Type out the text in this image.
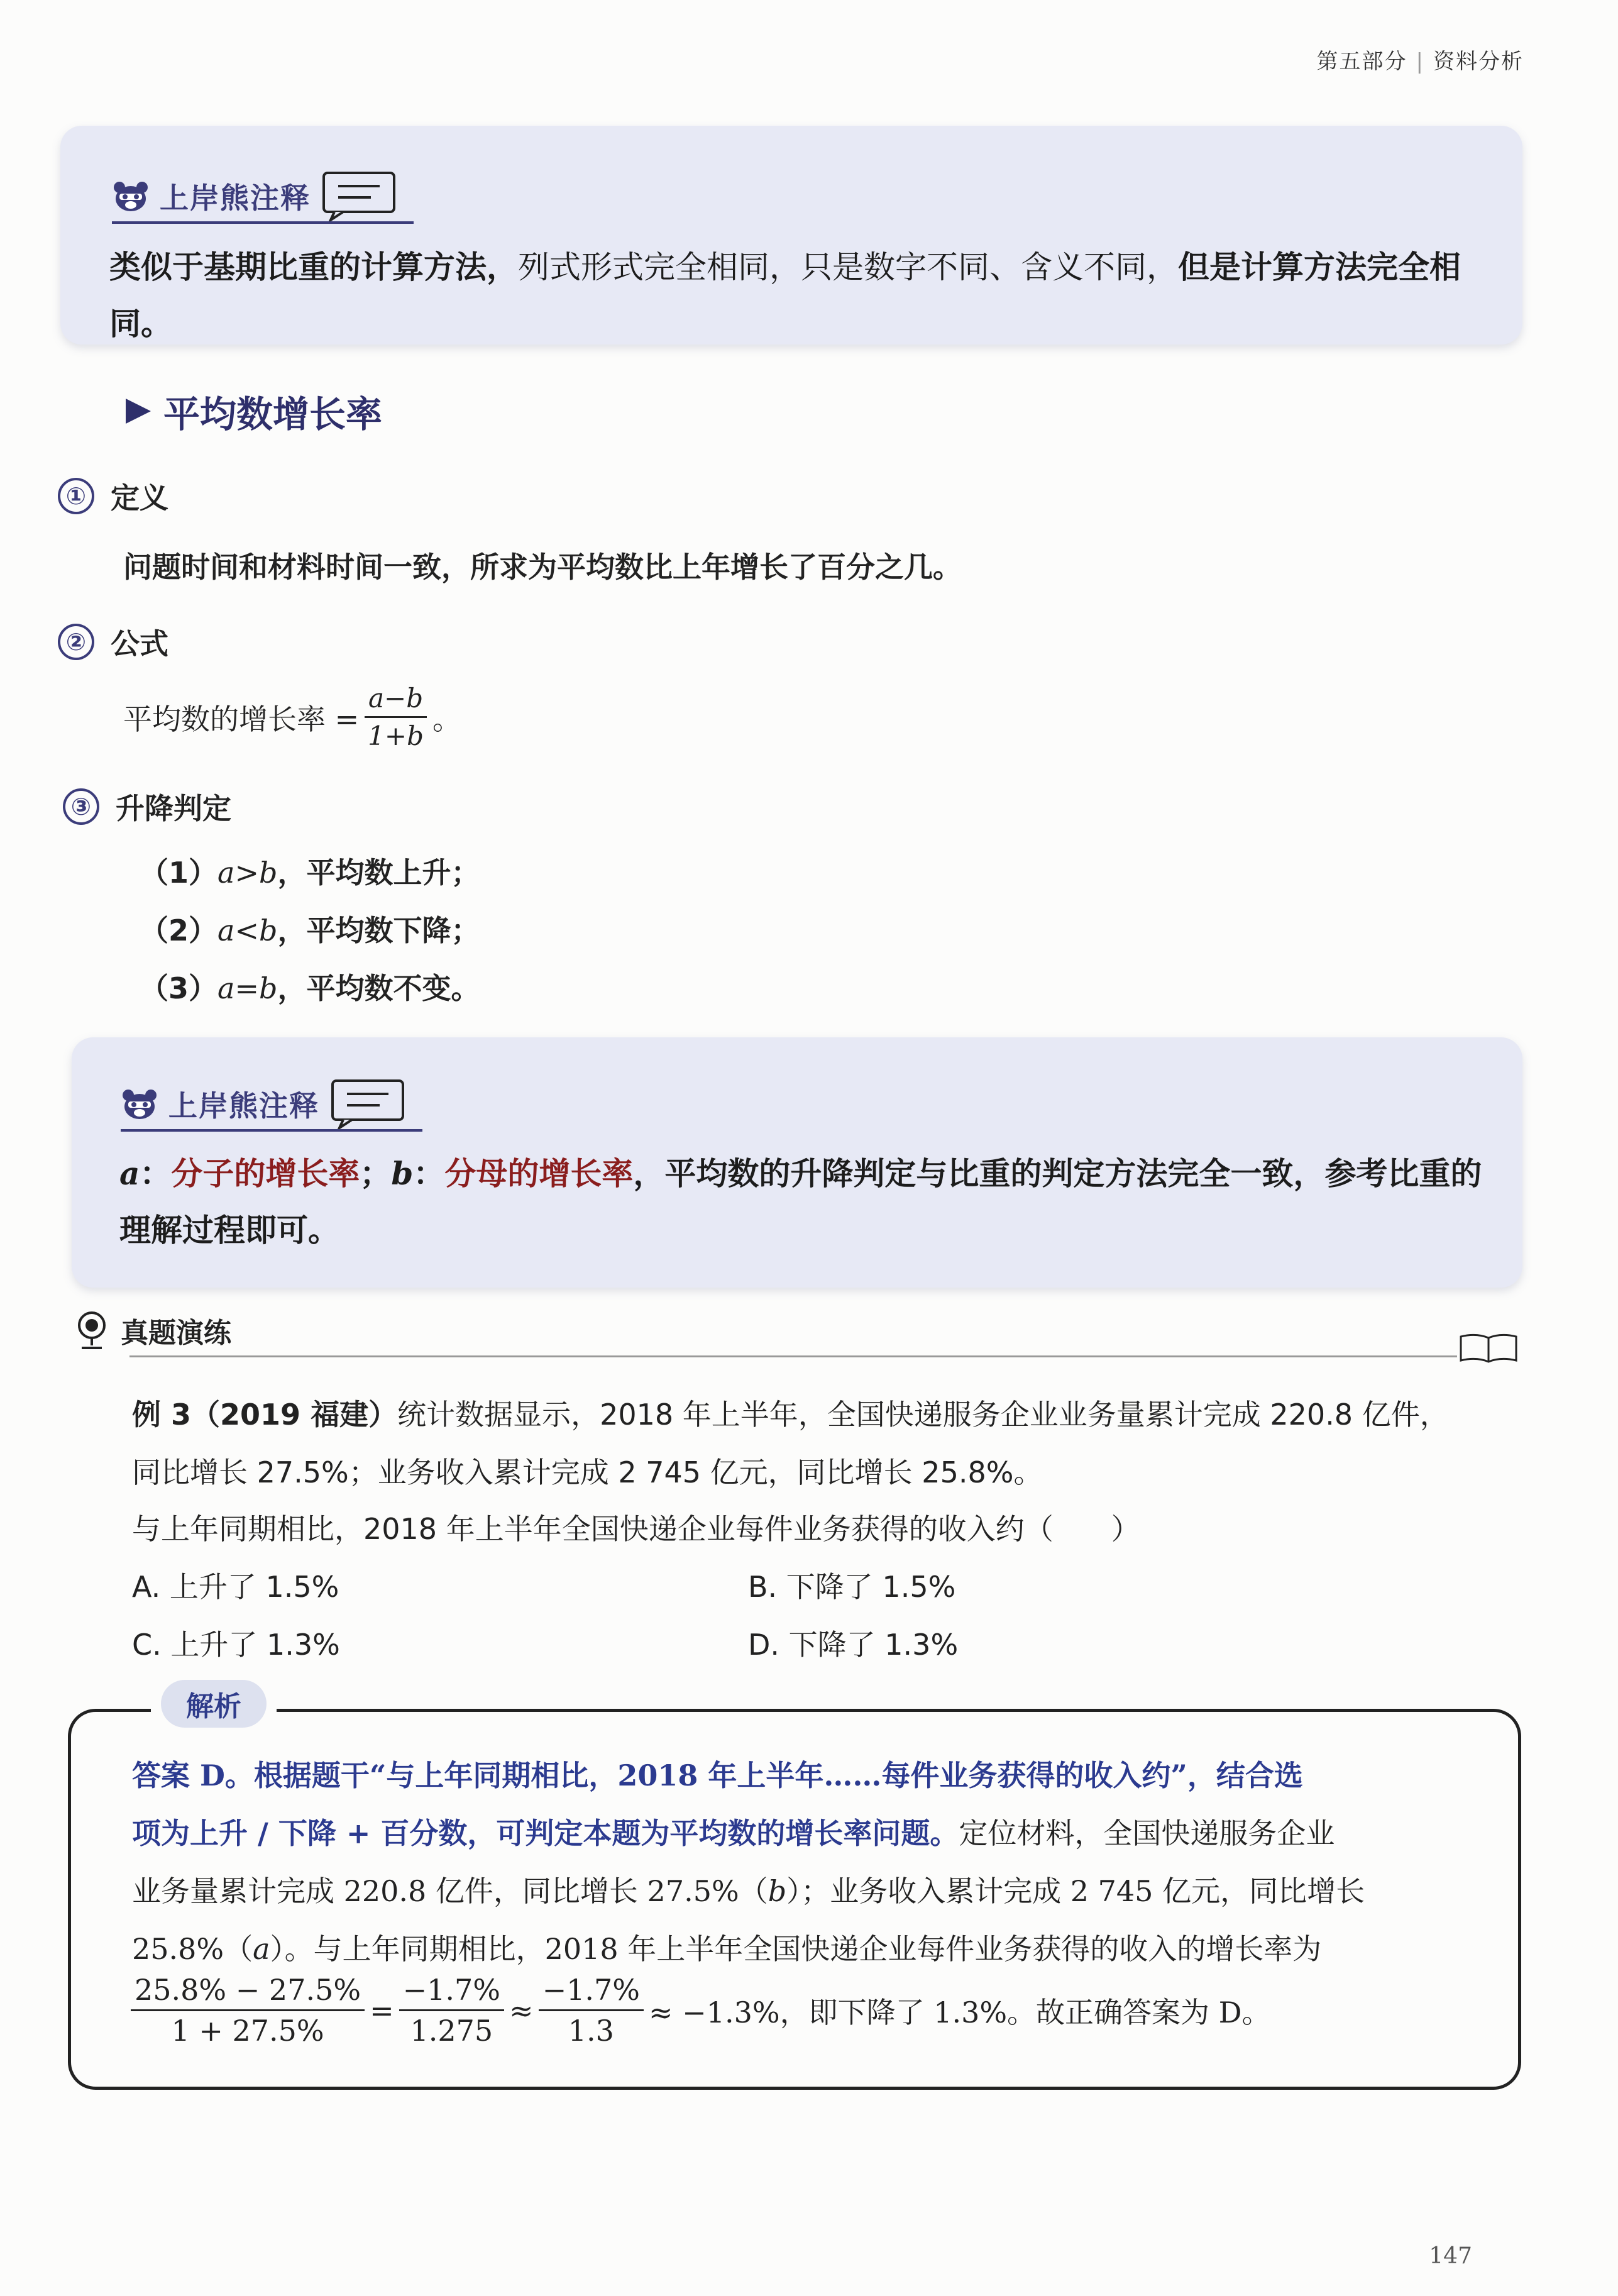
第五部分 | 资料分析
上岸熊注释
类似于基期比重的计算方法，列式形式完全相同，只是数字不同、含义不同，但是计算方法完全相同。
平均数增长率
① 定义
问题时间和材料时间一致，所求为平均数比上年增长了百分之几。
② 公式
平均数的增长率 = $\frac{a-b}{1+b}$ 。
③ 升降判定
（1）a>b，平均数上升；
（2）a<b，平均数下降；
（3）a=b，平均数不变。
上岸熊注释
a：分子的增长率；b：分母的增长率，平均数的升降判定与比重的判定方法完全一致，参考比重的
理解过程即可。
真题演练
例 3（2019 福建）统计数据显示，2018 年上半年，全国快递服务企业业务量累计完成 220.8 亿件，
同比增长 27.5%；业务收入累计完成 2 745 亿元，同比增长 25.8%。
与上年同期相比，2018 年上半年全国快递企业每件业务获得的收入约（　　）
A. 上升了 1.5%	B. 下降了 1.5%
C. 上升了 1.3%	D. 下降了 1.3%
解析
答案 D。根据题干“与上年同期相比，2018 年上半年……每件业务获得的收入约”，结合选
项为上升 / 下降 + 百分数，可判定本题为平均数的增长率问题。定位材料，全国快递服务企业
业务量累计完成 220.8 亿件，同比增长 27.5%（b）；业务收入累计完成 2 745 亿元，同比增长
25.8%（a）。与上年同期相比，2018 年上半年全国快递企业每件业务获得的收入的增长率为
$\frac{25.8\% - 27.5\%}{1 + 27.5\%} = \frac{-1.7\%}{1.275} \approx \frac{-1.7\%}{1.3} \approx -1.3\%$，即下降了 1.3%。故正确答案为 D。
147
